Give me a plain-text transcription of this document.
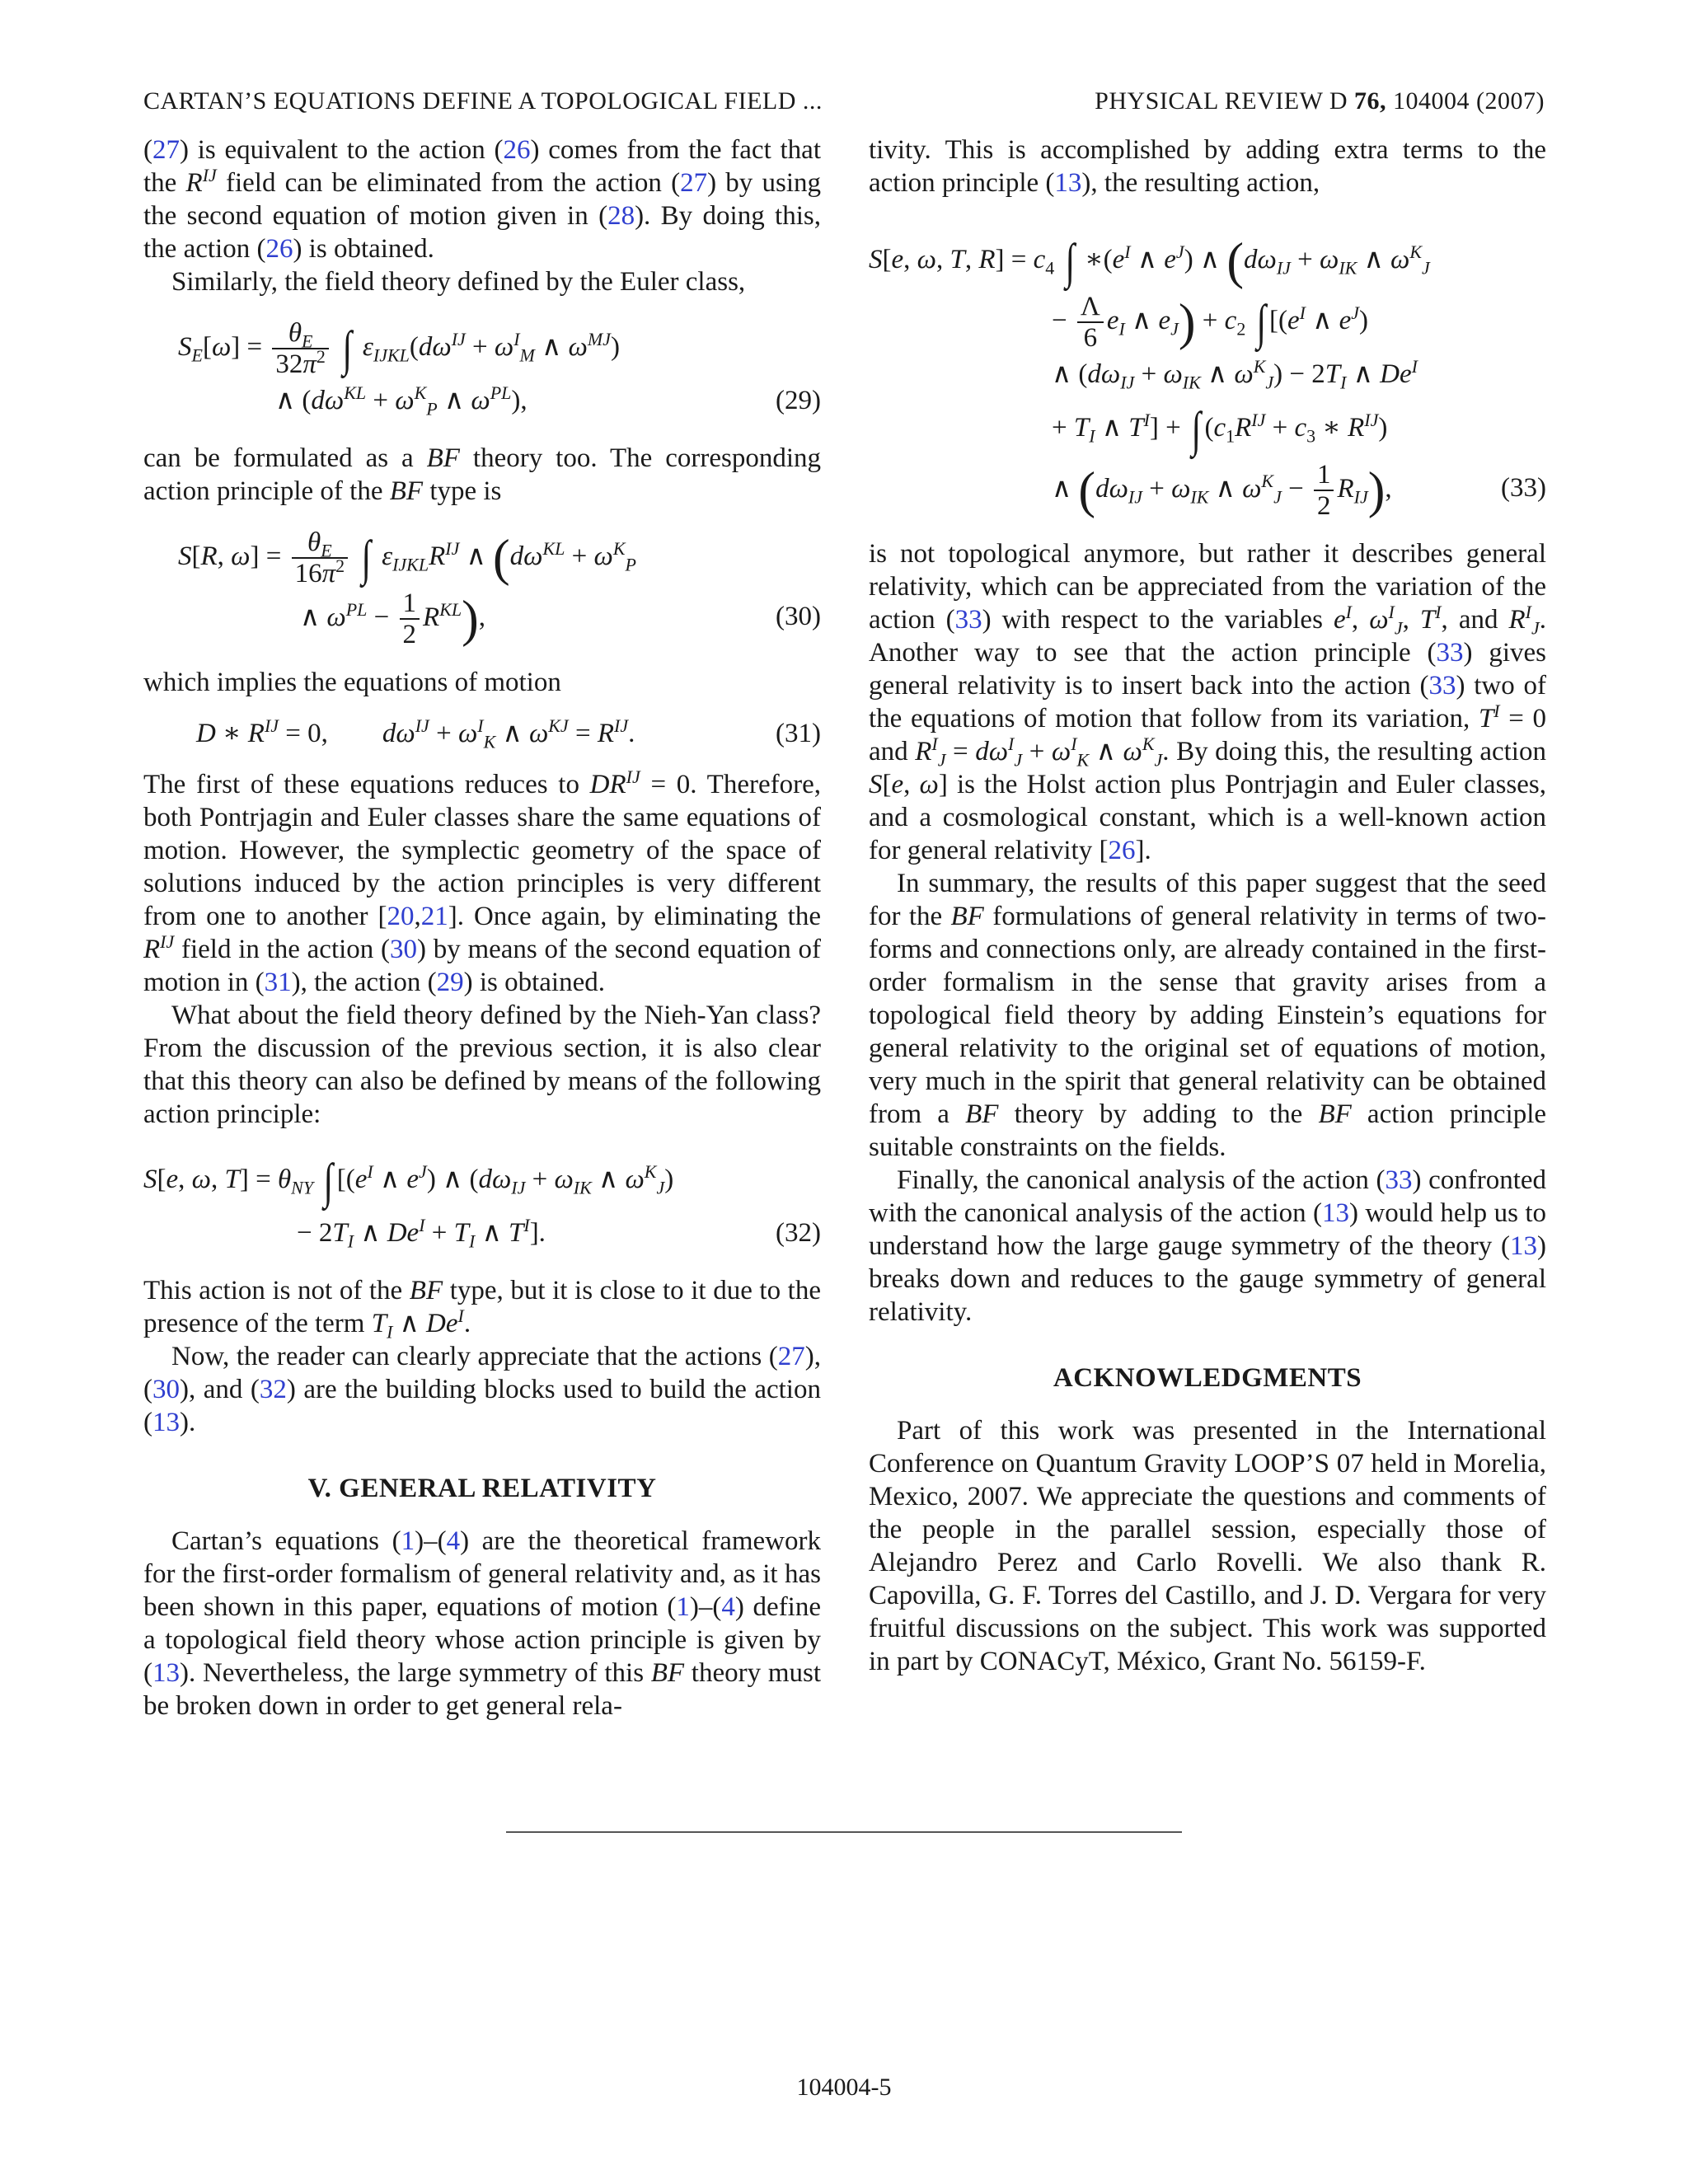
CARTAN’S EQUATIONS DEFINE A TOPOLOGICAL FIELD ...	PHYSICAL REVIEW D 76, 104004 (2007)

(27) is equivalent to the action (26) comes from the fact that the $R^{IJ}$ field can be eliminated from the action (27) by using the second equation of motion given in (28). By doing this, the action (26) is obtained.

Similarly, the field theory defined by the Euler class,

$S_E[\omega] = \frac{\theta_E}{32\pi^2}$ ∫ $\varepsilon_{IJKL}(d\omega^{IJ} + \omega^I_M$ ∧ $\omega^{MJ}$)
∧ ($d\omega^{KL} + \omega^K_P$ ∧ $\omega^{PL}$),	(29)

can be formulated as a BF theory too. The corresponding action principle of the BF type is

S[R, $\omega] = \frac{\theta_E}{16\pi^2}$ ∫ $\varepsilon_{IJKL}R^{IJ}$ ∧ ($d\omega^{KL} + \omega^K_P$
∧ $\omega^{PL} - \frac{1}{2} R^{KL}$),	(30)

which implies the equations of motion

D ∗ $R^{IJ} = 0$,        $d\omega^{IJ} + \omega^I_K$ ∧ $\omega^{KJ} = R^{IJ}$.	(31)

The first of these equations reduces to $DR^{IJ} = 0$. Therefore, both Pontrjagin and Euler classes share the same equations of motion. However, the symplectic geometry of the space of solutions induced by the action principles is very different from one to another [20,21]. Once again, by eliminating the $R^{IJ}$ field in the action (30) by means of the second equation of motion in (31), the action (29) is obtained.

What about the field theory defined by the Nieh-Yan class? From the discussion of the previous section, it is also clear that this theory can also be defined by means of the following action principle:

S[e, ω, $T] = \theta_{NY}$ ∫ [($e^I$ ∧ $e^J$) ∧ ($d\omega_{IJ} + \omega_{IK}$ ∧ $\omega^K_J$)
− $2T_I$ ∧ $De^I + T_I$ ∧ $T^I$].	(32)

This action is not of the BF type, but it is close to it due to the presence of the term $T_I$ ∧ $De^I$.

Now, the reader can clearly appreciate that the actions (27), (30), and (32) are the building blocks used to build the action (13).

V. GENERAL RELATIVITY

Cartan’s equations (1)–(4) are the theoretical framework for the first-order formalism of general relativity and, as it has been shown in this paper, equations of motion (1)–(4) define a topological field theory whose action principle is given by (13). Nevertheless, the large symmetry of this BF theory must be broken down in order to get general rela-

tivity. This is accomplished by adding extra terms to the action principle (13), the resulting action,

S[e, ω, T, $R] = c_4$ ∫ $∗(e^I$ ∧ $e^J$) ∧ ($d\omega_{IJ} + \omega_{IK}$ ∧ $\omega^K_J$
− $\frac{\Lambda}{6} e_I$ ∧ $e_J) + c_2$ ∫ [($e^I$ ∧ $e^J$)
∧ ($d\omega_{IJ} + \omega_{IK}$ ∧ $\omega^K_J) - 2T_I$ ∧ $De^I$
+ $T_I$ ∧ $T^I$] + ∫ ($c_1R^{IJ} + c_3$ ∗ $R^{IJ}$)
∧ ($d\omega_{IJ} + \omega_{IK}$ ∧ $\omega^K_J - \frac{1}{2} R_{IJ}$),	(33)

is not topological anymore, but rather it describes general relativity, which can be appreciated from the variation of the action (33) with respect to the variables $e^I$, $\omega^I_J$, $T^I$, and $R^I_J$. Another way to see that the action principle (33) gives general relativity is to insert back into the action (33) two of the equations of motion that follow from its variation, $T^I = 0$ and $R^I_J = d\omega^I_J + \omega^I_K$ ∧ $\omega^K_J$. By doing this, the resulting action S[e, ω] is the Holst action plus Pontrjagin and Euler classes, and a cosmological constant, which is a well-known action for general relativity [26].

In summary, the results of this paper suggest that the seed for the BF formulations of general relativity in terms of two-forms and connections only, are already contained in the first-order formalism in the sense that gravity arises from a topological field theory by adding Einstein’s equations for general relativity to the original set of equations of motion, very much in the spirit that general relativity can be obtained from a BF theory by adding to the BF action principle suitable constraints on the fields.

Finally, the canonical analysis of the action (33) confronted with the canonical analysis of the action (13) would help us to understand how the large gauge symmetry of the theory (13) breaks down and reduces to the gauge symmetry of general relativity.

ACKNOWLEDGMENTS

Part of this work was presented in the International Conference on Quantum Gravity LOOP’S 07 held in Morelia, Mexico, 2007. We appreciate the questions and comments of the people in the parallel session, especially those of Alejandro Perez and Carlo Rovelli. We also thank R. Capovilla, G. F. Torres del Castillo, and J. D. Vergara for very fruitful discussions on the subject. This work was supported in part by CONACyT, México, Grant No. 56159-F.

104004-5
